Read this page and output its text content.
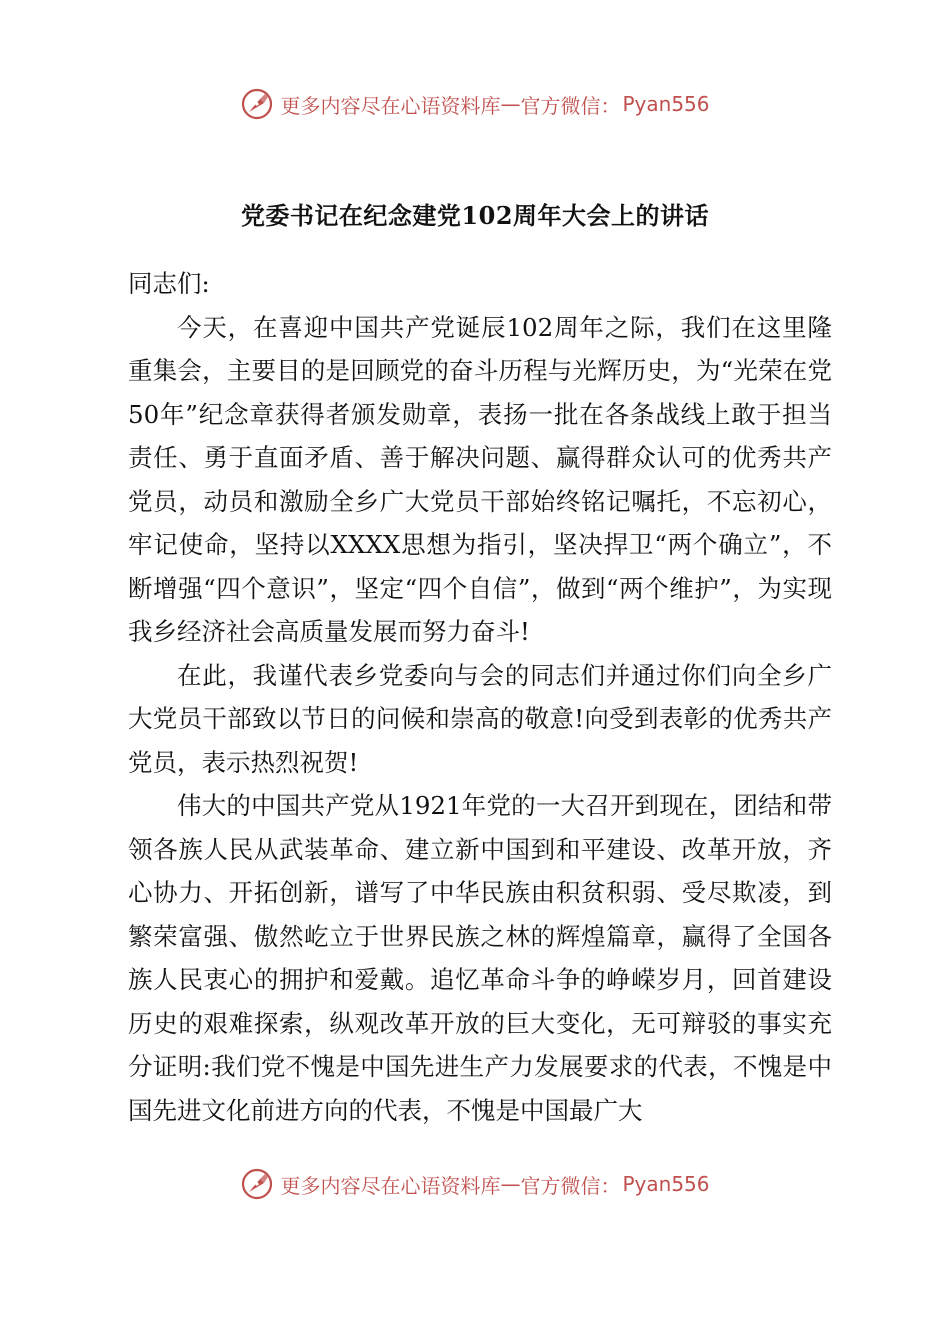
更多内容尽在心语资料库 — 官方微信： Pyan556
党委书记在纪念建党102周年大会上的讲话

同志们:

今天，在喜迎中国共产党诞辰102周年之际，我们在这里隆重集会，主要目的是回顾党的奋斗历程与光辉历史，为“光荣在党50年”纪念章获得者颁发勋章，表扬一批在各条战线上敢于担当责任、勇于直面矛盾、善于解决问题、赢得群众认可的优秀共产党员，动员和激励全乡广大党员干部始终铭记嘱托，不忘初心，牢记使命，坚持以XXXX思想为指引，坚决捍卫“两个确立”，不断增强“四个意识”，坚定“四个自信”，做到“两个维护”，为实现我乡经济社会高质量发展而努力奋斗!

在此，我谨代表乡党委向与会的同志们并通过你们向全乡广大党员干部致以节日的问候和崇高的敬意!向受到表彰的优秀共产党员，表示热烈祝贺!

伟大的中国共产党从1921年党的一大召开到现在，团结和带领各族人民从武装革命、建立新中国到和平建设、改革开放，齐心协力、开拓创新，谱写了中华民族由积贫积弱、受尽欺凌，到繁荣富强、傲然屹立于世界民族之林的辉煌篇章，赢得了全国各族人民衷心的拥护和爱戴。追忆革命斗争的峥嵘岁月，回首建设历史的艰难探索，纵观改革开放的巨大变化，无可辩驳的事实充分证明:我们党不愧是中国先进生产力发展要求的代表，不愧是中国先进文化前进方向的代表，不愧是中国最广大

更多内容尽在心语资料库 — 官方微信： Pyan556
